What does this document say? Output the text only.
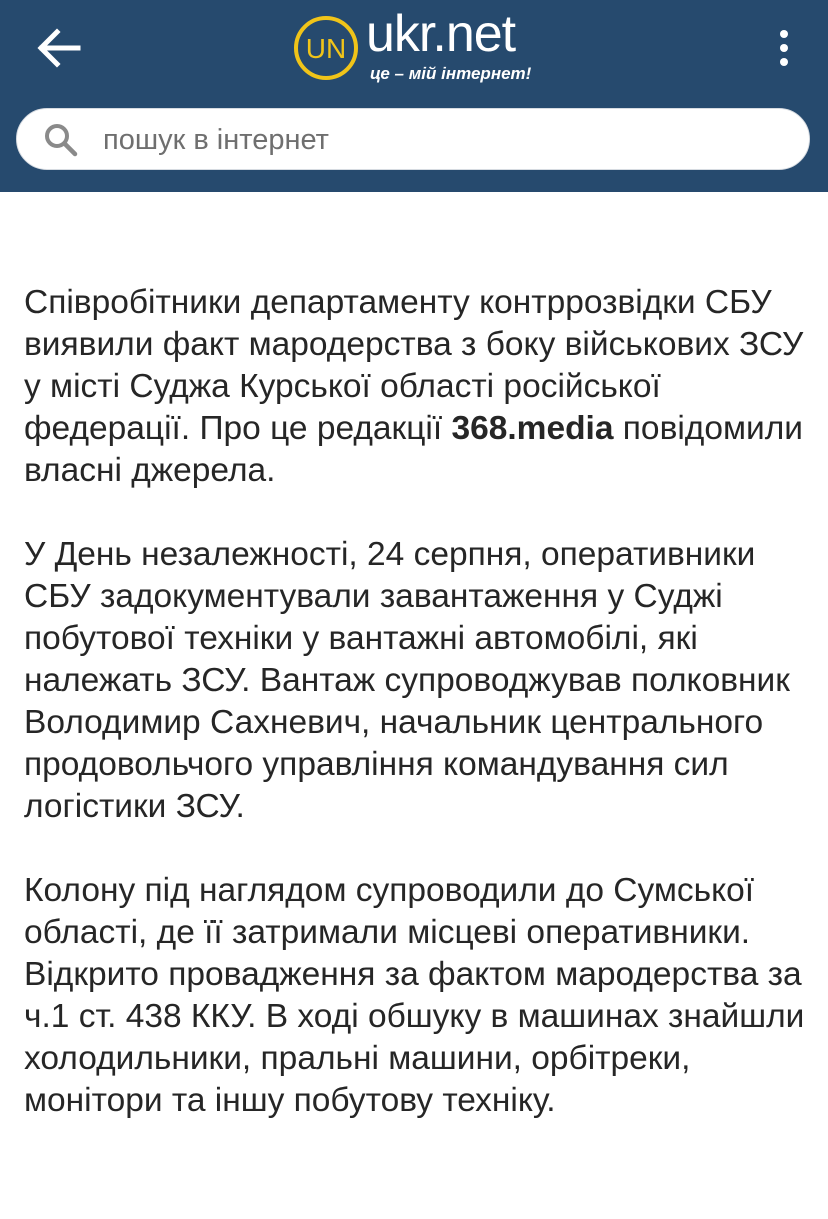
UN ukr.net
це – мій інтернет!
пошук в інтернет

Співробітники департаменту контррозвідки СБУ виявили факт мародерства з боку військових ЗСУ у місті Суджа Курської області російської федерації. Про це редакції 368.media повідомили власні джерела.

У День незалежності, 24 серпня, оперативники СБУ задокументували завантаження у Суджі побутової техніки у вантажні автомобілі, які належать ЗСУ. Вантаж супроводжував полковник Володимир Сахневич, начальник центрального продовольчого управління командування сил логістики ЗСУ.

Колону під наглядом супроводили до Сумської області, де її затримали місцеві оперативники. Відкрито провадження за фактом мародерства за ч.1 ст. 438 ККУ. В ході обшуку в машинах знайшли холодильники, пральні машини, орбітреки, монітори та іншу побутову техніку.
